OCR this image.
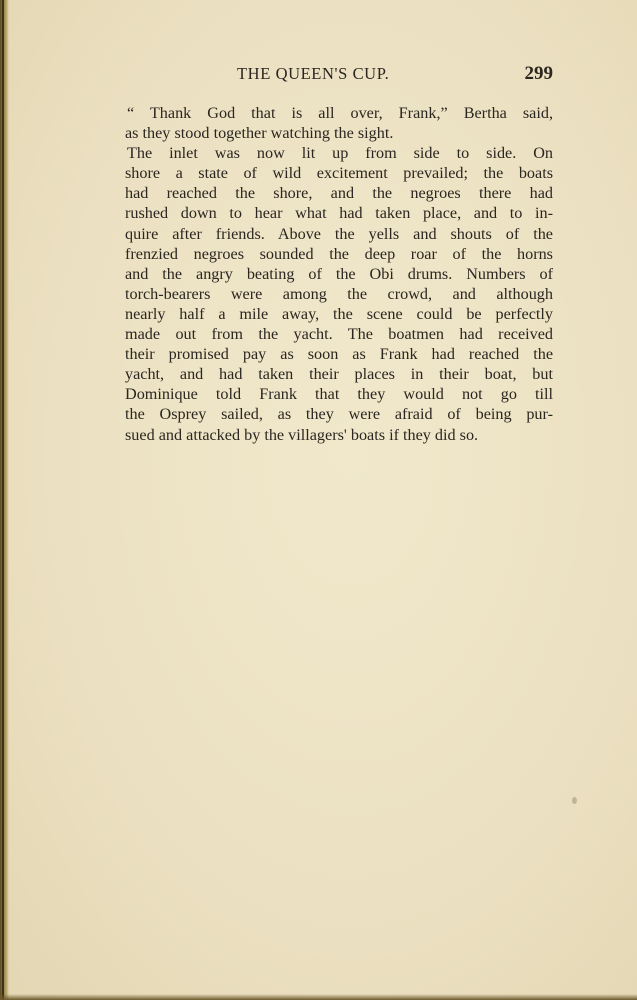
THE QUEEN'S CUP.	299
“ Thank God that is all over, Frank,” Bertha said,
as they stood together watching the sight.
The inlet was now lit up from side to side. On
shore a state of wild excitement prevailed; the boats
had reached the shore, and the negroes there had
rushed down to hear what had taken place, and to in-
quire after friends. Above the yells and shouts of the
frenzied negroes sounded the deep roar of the horns
and the angry beating of the Obi drums. Numbers of
torch-bearers were among the crowd, and although
nearly half a mile away, the scene could be perfectly
made out from the yacht. The boatmen had received
their promised pay as soon as Frank had reached the
yacht, and had taken their places in their boat, but
Dominique told Frank that they would not go till
the Osprey sailed, as they were afraid of being pur-
sued and attacked by the villagers' boats if they did so.
